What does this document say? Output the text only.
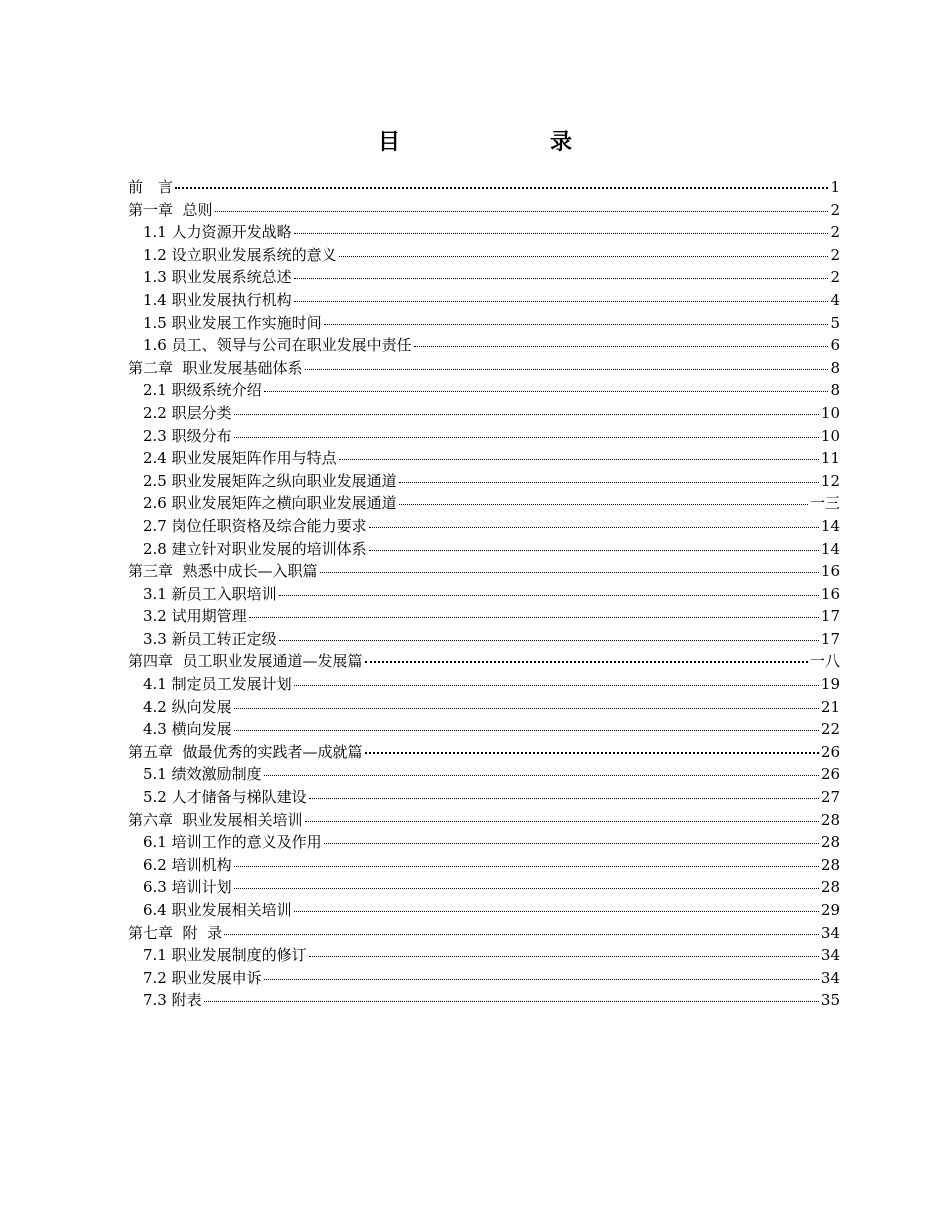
目	录
前　言	1
第一章  总则	2
1.1 人力资源开发战略	2
1.2 设立职业发展系统的意义	2
1.3 职业发展系统总述	2
1.4 职业发展执行机构	4
1.5 职业发展工作实施时间	5
1.6 员工、领导与公司在职业发展中责任	6
第二章  职业发展基础体系	8
2.1 职级系统介绍	8
2.2 职层分类	10
2.3 职级分布	10
2.4 职业发展矩阵作用与特点	11
2.5 职业发展矩阵之纵向职业发展通道	12
2.6 职业发展矩阵之横向职业发展通道	一三
2.7 岗位任职资格及综合能力要求	14
2.8 建立针对职业发展的培训体系	14
第三章  熟悉中成长—入职篇	16
3.1 新员工入职培训	16
3.2 试用期管理	17
3.3 新员工转正定级	17
第四章  员工职业发展通道—发展篇	一八
4.1 制定员工发展计划	19
4.2 纵向发展	21
4.3 横向发展	22
第五章  做最优秀的实践者—成就篇	26
5.1 绩效激励制度	26
5.2 人才储备与梯队建设	27
第六章  职业发展相关培训	28
6.1 培训工作的意义及作用	28
6.2 培训机构	28
6.3 培训计划	28
6.4 职业发展相关培训	29
第七章  附  录	34
7.1 职业发展制度的修订	34
7.2 职业发展申诉	34
7.3 附表	35
